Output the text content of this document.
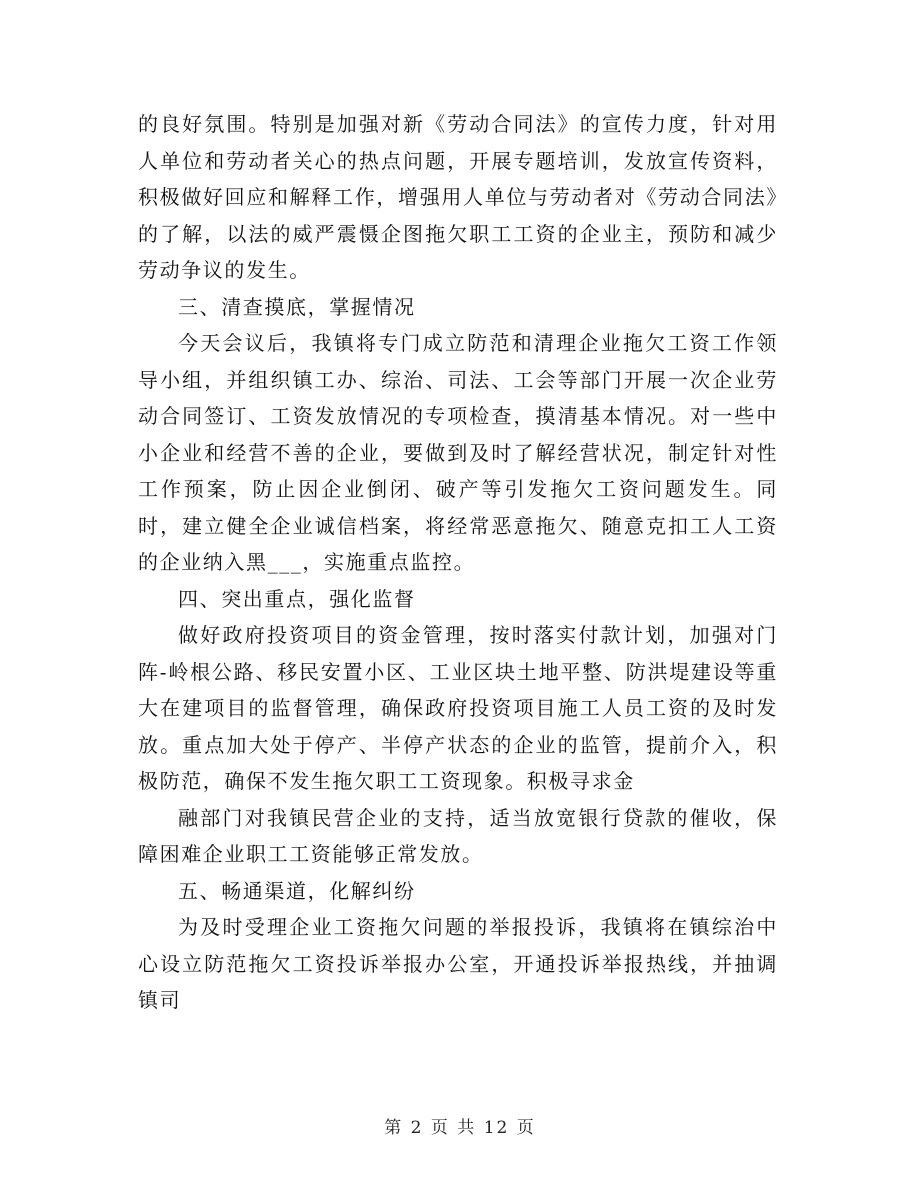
的良好氛围。特别是加强对新《劳动合同法》的宣传力度，针对用人单位和劳动者关心的热点问题，开展专题培训，发放宣传资料，积极做好回应和解释工作，增强用人单位与劳动者对《劳动合同法》的了解，以法的威严震慑企图拖欠职工工资的企业主，预防和减少劳动争议的发生。

三、清查摸底，掌握情况

今天会议后，我镇将专门成立防范和清理企业拖欠工资工作领导小组，并组织镇工办、综治、司法、工会等部门开展一次企业劳动合同签订、工资发放情况的专项检查，摸清基本情况。对一些中小企业和经营不善的企业，要做到及时了解经营状况，制定针对性工作预案，防止因企业倒闭、破产等引发拖欠工资问题发生。同时，建立健全企业诚信档案，将经常恶意拖欠、随意克扣工人工资的企业纳入黑___，实施重点监控。

四、突出重点，强化监督

做好政府投资项目的资金管理，按时落实付款计划，加强对门阵-岭根公路、移民安置小区、工业区块土地平整、防洪堤建设等重大在建项目的监督管理，确保政府投资项目施工人员工资的及时发放。重点加大处于停产、半停产状态的企业的监管，提前介入，积极防范，确保不发生拖欠职工工资现象。积极寻求金

融部门对我镇民营企业的支持，适当放宽银行贷款的催收，保障困难企业职工工资能够正常发放。

五、畅通渠道，化解纠纷

为及时受理企业工资拖欠问题的举报投诉，我镇将在镇综治中心设立防范拖欠工资投诉举报办公室，开通投诉举报热线，并抽调镇司

第 2 页 共 12 页
